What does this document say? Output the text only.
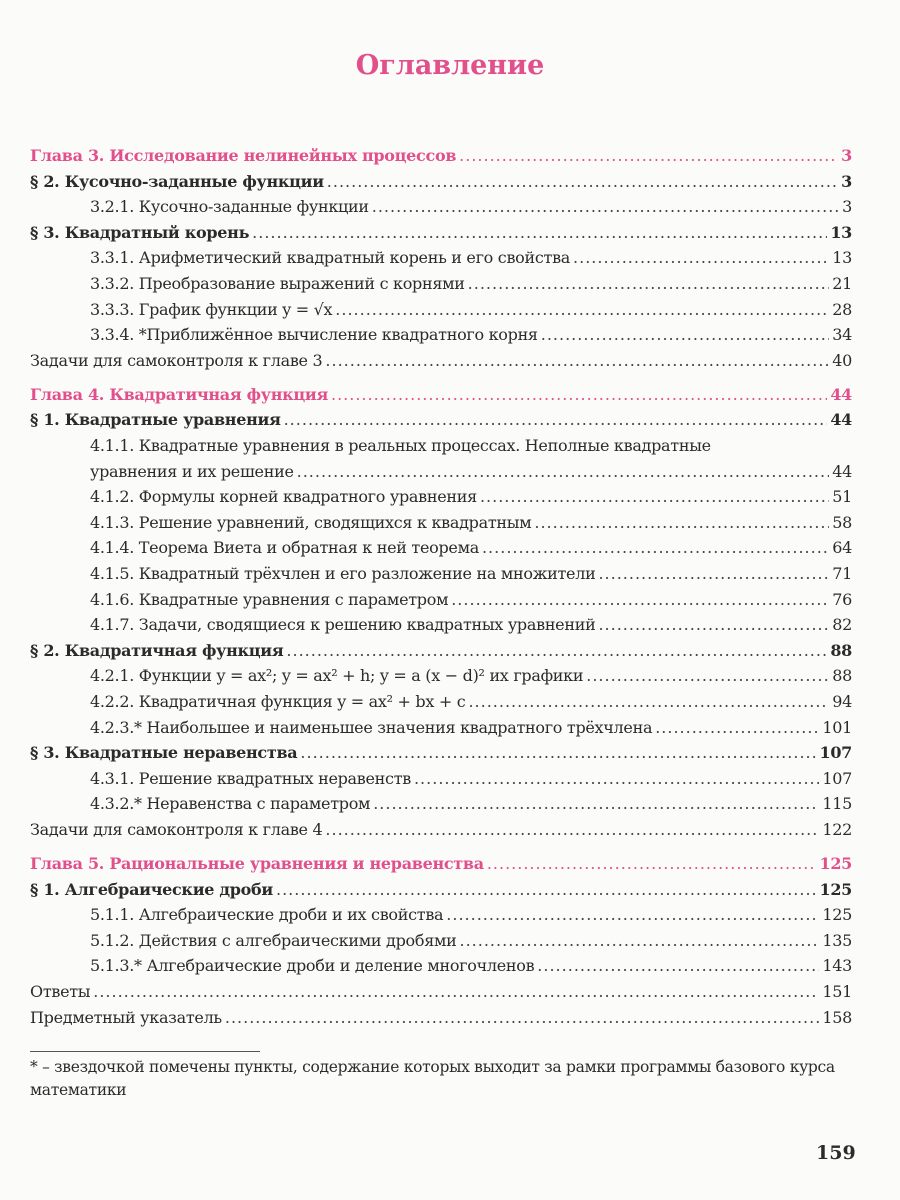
Оглавление
Глава 3. Исследование нелинейных процессов .....	3
§ 2. Кусочно-заданные функции .....	3
3.2.1. Кусочно-заданные функции .....	3
§ 3. Квадратный корень .....	13
3.3.1. Арифметический квадратный корень и его свойства .....	13
3.3.2. Преобразование выражений с корнями .....	21
3.3.3. График функции y = √x .....	28
3.3.4. *Приближённое вычисление квадратного корня .....	34
Задачи для самоконтроля к главе 3 .....	40
Глава 4. Квадратичная функция .....	44
§ 1. Квадратные уравнения .....	44
4.1.1. Квадратные уравнения в реальных процессах. Неполные квадратные
уравнения и их решение .....	44
4.1.2. Формулы корней квадратного уравнения .....	51
4.1.3. Решение уравнений, сводящихся к квадратным .....	58
4.1.4. Теорема Виета и обратная к ней теорема .....	64
4.1.5. Квадратный трёхчлен и его разложение на множители .....	71
4.1.6. Квадратные уравнения с параметром .....	76
4.1.7. Задачи, сводящиеся к решению квадратных уравнений .....	82
§ 2. Квадратичная функция .....	88
4.2.1. Функции y = ax²; y = ax² + h; y = a (x − d)² их графики .....	88
4.2.2. Квадратичная функция y = ax² + bx + c .....	94
4.2.3.* Наибольшее и наименьшее значения квадратного трёхчлена .....	101
§ 3. Квадратные неравенства .....	107
4.3.1. Решение квадратных неравенств .....	107
4.3.2.* Неравенства с параметром .....	115
Задачи для самоконтроля к главе 4 .....	122
Глава 5. Рациональные уравнения и неравенства .....	125
§ 1. Алгебраические дроби .....	125
5.1.1. Алгебраические дроби и их свойства .....	125
5.1.2. Действия с алгебраическими дробями .....	135
5.1.3.* Алгебраические дроби и деление многочленов .....	143
Ответы .....	151
Предметный указатель .....	158
* – звездочкой помечены пункты, содержание которых выходит за рамки программы базового курса математики
159
